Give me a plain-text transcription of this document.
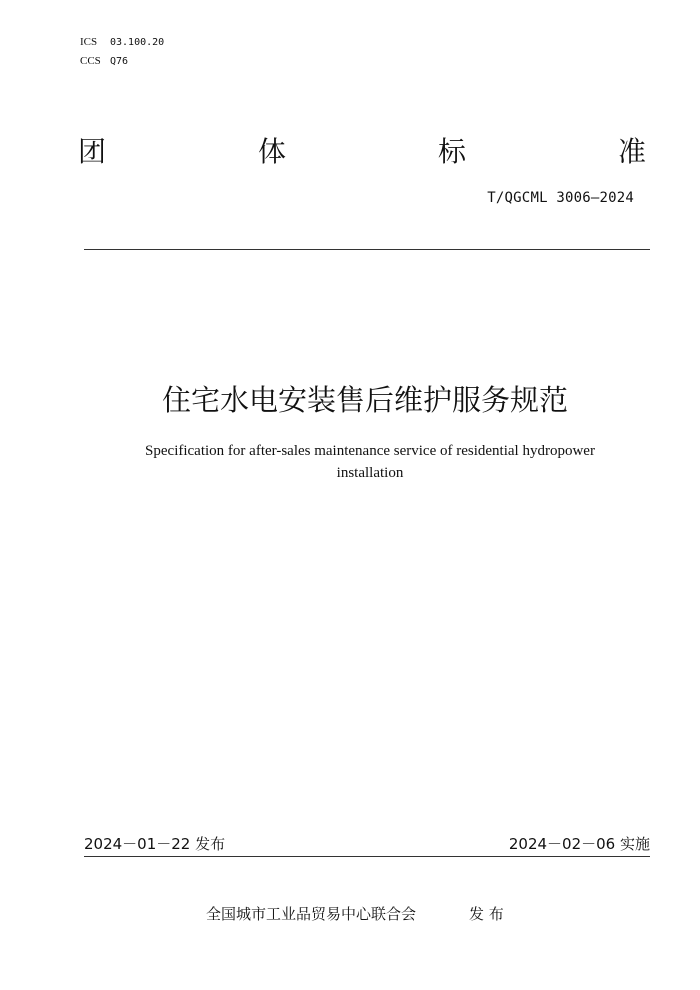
ICS	03.100.20
CCS Q76
团	体	标	准
T/QGCML 3006—2024
住宅水电安装售后维护服务规范
Specification for after-sales maintenance service of residential hydropower installation
2024－01－22 发布	2024－02－06 实施
全国城市工业品贸易中心联合会	发 布
